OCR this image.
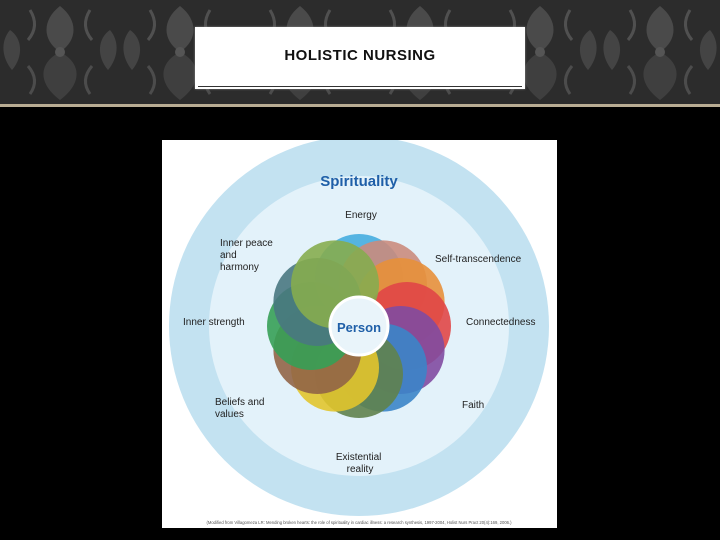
HOLISTIC NURSING
Person
Spirituality
Energy
Inner peace and harmony
Self-transcendence
Inner strength	Connectedness
Beliefs and values
Faith
Existential reality
(Modified from Villagomeza LR: Mending broken hearts: the role of spirituality in cardiac illness: a research synthesis, 1997-2004, Holist Nurs Pract 20(4):169, 2006.)
